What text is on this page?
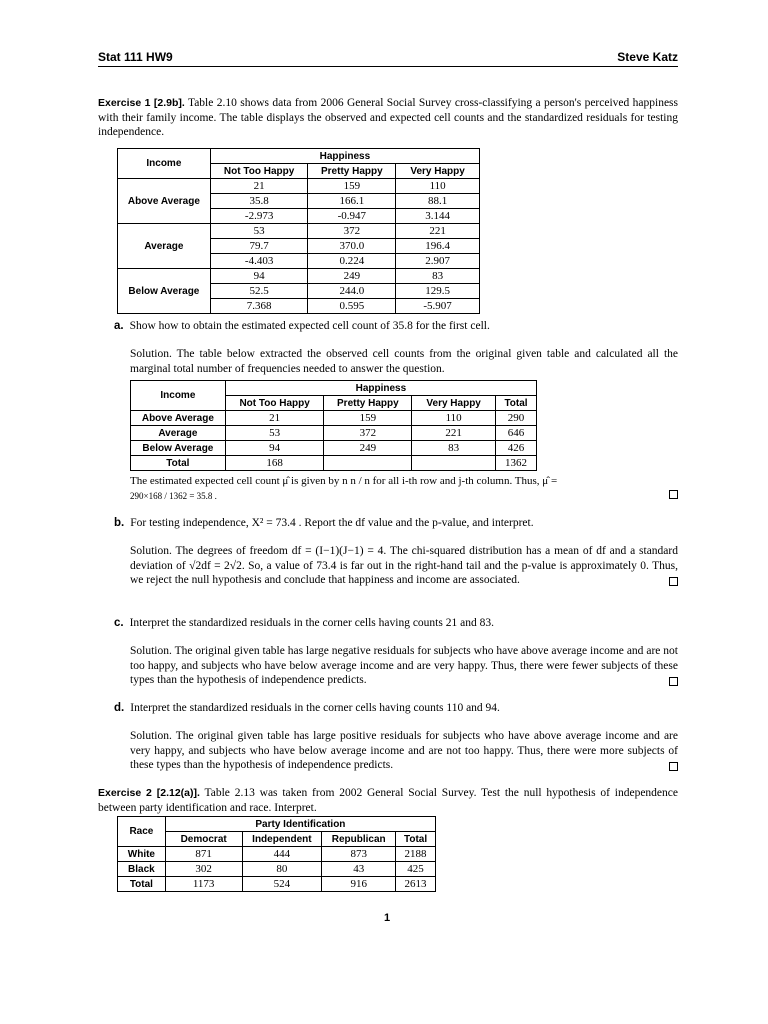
Stat 111 HW9	Steve Katz
Exercise 1 [2.9b]. Table 2.10 shows data from 2006 General Social Survey cross-classifying a person's perceived happiness with their family income. The table displays the observed and expected cell counts and the standardized residuals for testing independence.
Income	Happiness		
	Not Too Happy	Pretty Happy	Very Happy
Above Average	21	159	110
	35.8	166.1	88.1
	-2.973	-0.947	3.144
Average	53	372	221
	79.7	370.0	196.4
	-4.403	0.224	2.907
Below Average	94	249	83
	52.5	244.0	129.5
	7.368	0.595	-5.907
a. Show how to obtain the estimated expected cell count of 35.8 for the first cell.
Solution. The table below extracted the observed cell counts from the original given table and calculated all the marginal total number of frequencies needed to answer the question.
Income	Happiness			
	Not Too Happy	Pretty Happy	Very Happy	Total
Above Average	21	159	110	290
Average	53	372	221	646
Below Average	94	249	83	426
Total	168			1362
The estimated expected cell count μ̂ is given by n n / n for all i-th row and j-th column. Thus, μ̂ =
290×168 / 1362 = 35.8 .
b. For testing independence, X² = 73.4 . Report the df value and the p-value, and interpret.
Solution. The degrees of freedom df = (I−1)(J−1) = 4. The chi-squared distribution has a mean of df and a standard deviation of √2df = 2√2. So, a value of 73.4 is far out in the right-hand tail and the p-value is approximately 0. Thus, we reject the null hypothesis and conclude that happiness and income are associated.
c. Interpret the standardized residuals in the corner cells having counts 21 and 83.
Solution. The original given table has large negative residuals for subjects who have above average income and are not too happy, and subjects who have below average income and are very happy. Thus, there were fewer subjects of these types than the hypothesis of independence predicts.
d. Interpret the standardized residuals in the corner cells having counts 110 and 94.
Solution. The original given table has large positive residuals for subjects who have above average income and are very happy, and subjects who have below average income and are not too happy. Thus, there were more subjects of these types than the hypothesis of independence predicts.
Exercise 2 [2.12(a)]. Table 2.13 was taken from 2002 General Social Survey. Test the null hypothesis of independence between party identification and race. Interpret.
Race	Party Identification			
	Democrat	Independent	Republican	Total
White	871	444	873	2188
Black	302	80	43	425
Total	1173	524	916	2613
1
